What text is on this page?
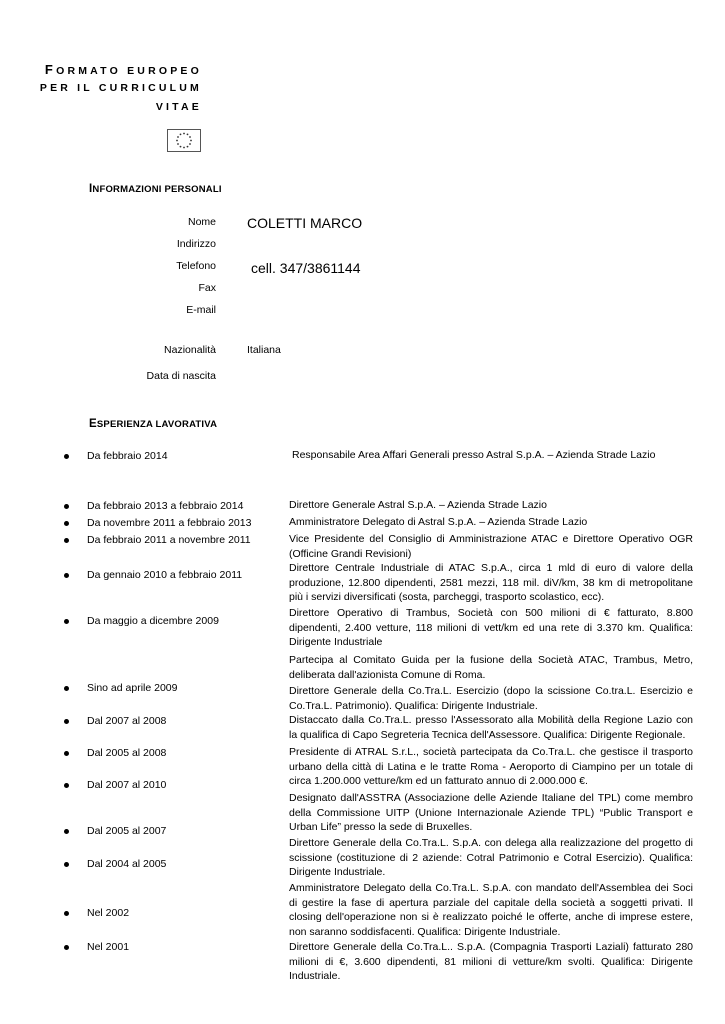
FORMATO EUROPEO
PER IL CURRICULUM
VITAE
INFORMAZIONI PERSONALI
Nome COLETTI MARCO
Indirizzo
Telefono	cell. 347/3861144
Fax
E-mail
Nazionalità	Italiana
Data di nascita
ESPERIENZA LAVORATIVA
Da febbraio 2014
Da febbraio 2013 a febbraio 2014
Da novembre 2011 a febbraio 2013
Da febbraio 2011 a novembre 2011
Da gennaio 2010 a febbraio 2011
Da maggio a dicembre 2009
Sino ad aprile 2009
Dal 2007 al 2008
Dal 2005 al 2008
Dal 2007 al 2010
Dal 2005 al 2007
Dal 2004 al 2005
Nel 2002
Nel 2001
Responsabile Area Affari Generali presso Astral S.p.A. – Azienda Strade Lazio
Direttore Generale Astral S.p.A. – Azienda Strade Lazio
Amministratore Delegato di Astral S.p.A. – Azienda Strade Lazio
Vice Presidente del Consiglio di Amministrazione ATAC e Direttore Operativo OGR (Officine Grandi Revisioni)
Direttore Centrale Industriale di ATAC S.p.A., circa 1 mld di euro di valore della produzione, 12.800 dipendenti, 2581 mezzi, 118 mil. diV/km, 38 km di metropolitane più i servizi diversificati (sosta, parcheggi, trasporto scolastico, ecc).
Direttore Operativo di Trambus, Società con 500 milioni di € fatturato, 8.800 dipendenti, 2.400 vetture, 118 milioni di vett/km ed una rete di 3.370 km. Qualifica: Dirigente Industriale
Partecipa al Comitato Guida per la fusione della Società ATAC, Trambus, Metro, deliberata dall'azionista Comune di Roma.
Direttore Generale della Co.Tra.L. Esercizio (dopo la scissione Co.tra.L. Esercizio e Co.Tra.L. Patrimonio). Qualifica: Dirigente Industriale.
Distaccato dalla Co.Tra.L. presso l'Assessorato alla Mobilità della Regione Lazio con la qualifica di Capo Segreteria Tecnica dell'Assessore. Qualifica: Dirigente Regionale.
Presidente di ATRAL S.r.L., società partecipata da Co.Tra.L. che gestisce il trasporto urbano della città di Latina e le tratte Roma - Aeroporto di Ciampino per un totale di circa 1.200.000 vetture/km ed un fatturato annuo di 2.000.000 €.
Designato dall'ASSTRA (Associazione delle Aziende Italiane del TPL) come membro della Commissione UITP (Unione Internazionale Aziende TPL) “Public Transport e Urban Life” presso la sede di Bruxelles.
Direttore Generale della Co.Tra.L. S.p.A. con delega alla realizzazione del progetto di scissione (costituzione di 2 aziende: Cotral Patrimonio e Cotral Esercizio). Qualifica: Dirigente Industriale.
Amministratore Delegato della Co.Tra.L. S.p.A. con mandato dell'Assemblea dei Soci di gestire la fase di apertura parziale del capitale della società a soggetti privati. Il closing dell'operazione non si è realizzato poiché le offerte, anche di imprese estere, non saranno soddisfacenti. Qualifica: Dirigente Industriale.
Direttore Generale della Co.Tra.L.. S.p.A. (Compagnia Trasporti Laziali) fatturato 280 milioni di €, 3.600 dipendenti, 81 milioni di vetture/km svolti. Qualifica: Dirigente Industriale.
